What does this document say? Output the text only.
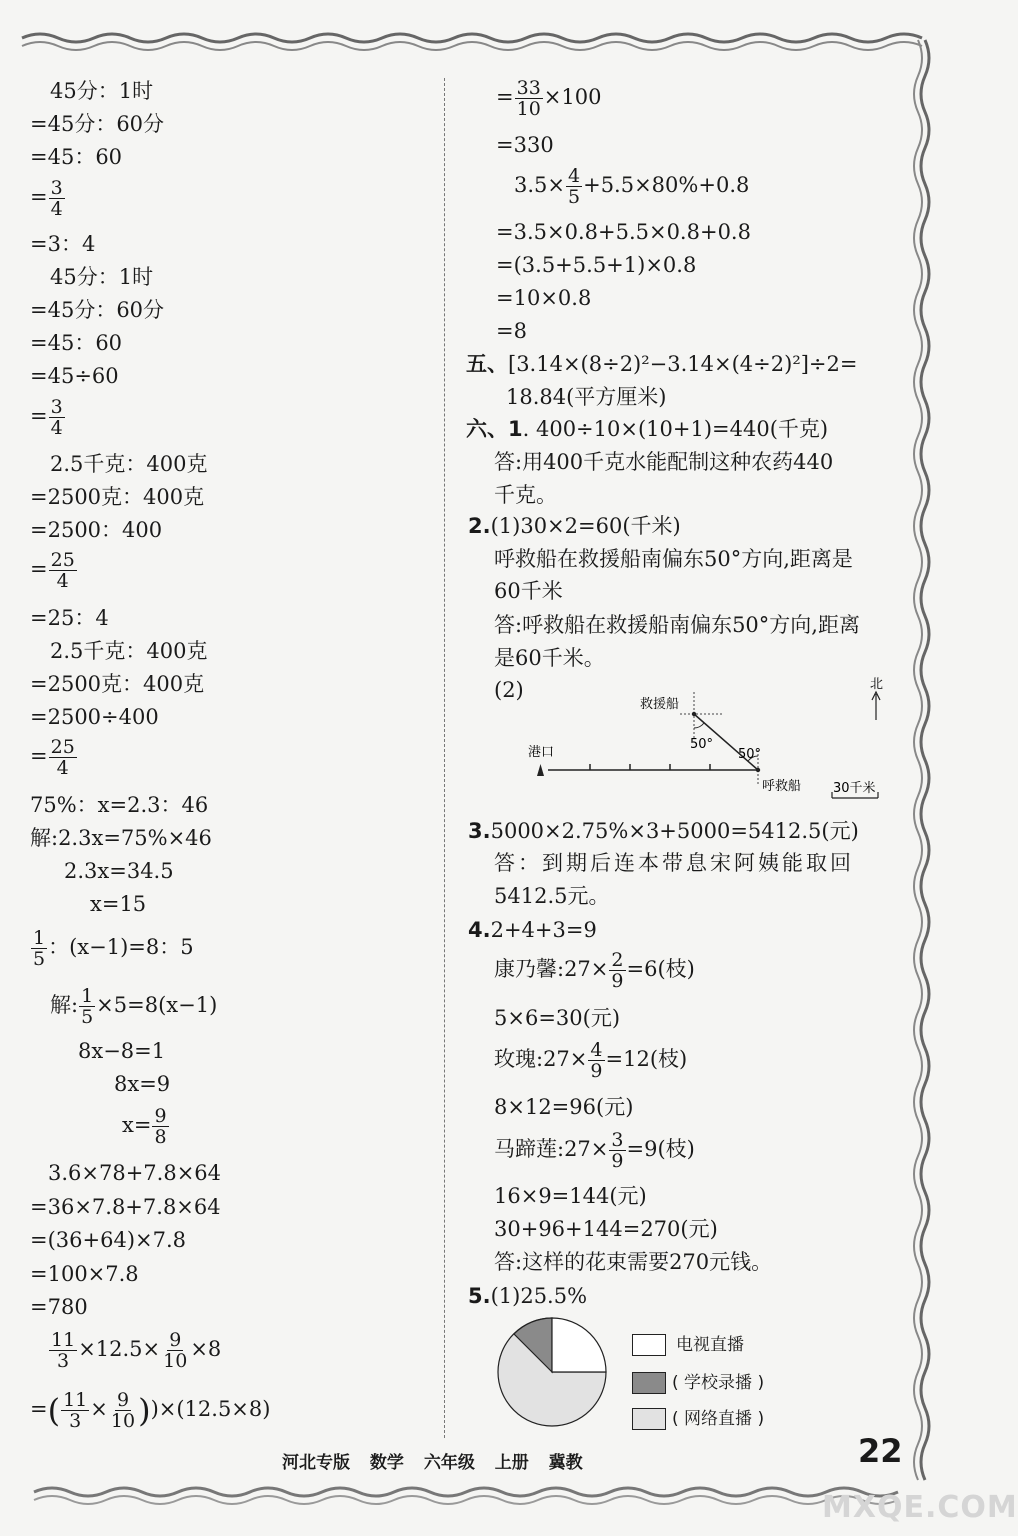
45分：1时
=45分：60分
=45：60
= $\frac{3}{4}$
=3：4
45分：1时
=45分：60分
=45：60
=45÷60
= $\frac{3}{4}$
2.5千克：400克
=2500克：400克
=2500：400
= $\frac{25}{4}$
=25：4
2.5千克：400克
=2500克：400克
=2500÷400
= $\frac{25}{4}$
75%：x=2.3：46
解:2.3x=75%×46
2.3x=34.5
x=15
$\frac{1}{5}$ ：(x−1)=8：5
解: $\frac{1}{5} \times 5=8(x-1)$
8x−8=1
8x=9
$x= \frac{9}{8}$
3.6×78+7.8×64
=36×7.8+7.8×64
=(36+64)×7.8
=100×7.8
=780
$\frac{11}{3} \times 12.5\times \frac{9}{10} \times 8$
=( $\frac{11}{3} \times \frac{9}{10} ))\times(12.5\times 8)$
= $\frac{33}{10} \times 100$
=330
$3.5\times \frac{4}{5} +5.5\times 80\%+0.8$
=3.5×0.8+5.5×0.8+0.8
=(3.5+5.5+1)×0.8
=10×0.8
=8
五、[3.14×(8÷2)²−3.14×(4÷2)²]÷2=
18.84(平方厘米)
六、1. 400÷10×(10+1)=440(千克)
答:用400千克水能配制这种农药440
千克。
2.(1)30×2=60(千米)
呼救船在救援船南偏东50°方向,距离是
60千米
答:呼救船在救援船南偏东50°方向,距离
是60千米。
(2)
港口
救援船
50°
50°
呼救船
北
30千米
3.5000×2.75%×3+5000=5412.5(元)
答：到期后连本带息宋阿姨能取回
5412.5元。
4.2+4+3=9
康乃馨:27× $\frac{2}{9} =6$(枝)
5×6=30(元)
玫瑰:27× $\frac{4}{9} =12$(枝)
8×12=96(元)
马蹄莲:27× $\frac{3}{9} =9$(枝)
16×9=144(元)
30+96+144=270(元)
答:这样的花束需要270元钱。
5.(1)25.5%
电视直播
( 学校录播 )
( 网络直播 )
河北专版 数学 六年级 上册 冀教	22
MXQE.COM
